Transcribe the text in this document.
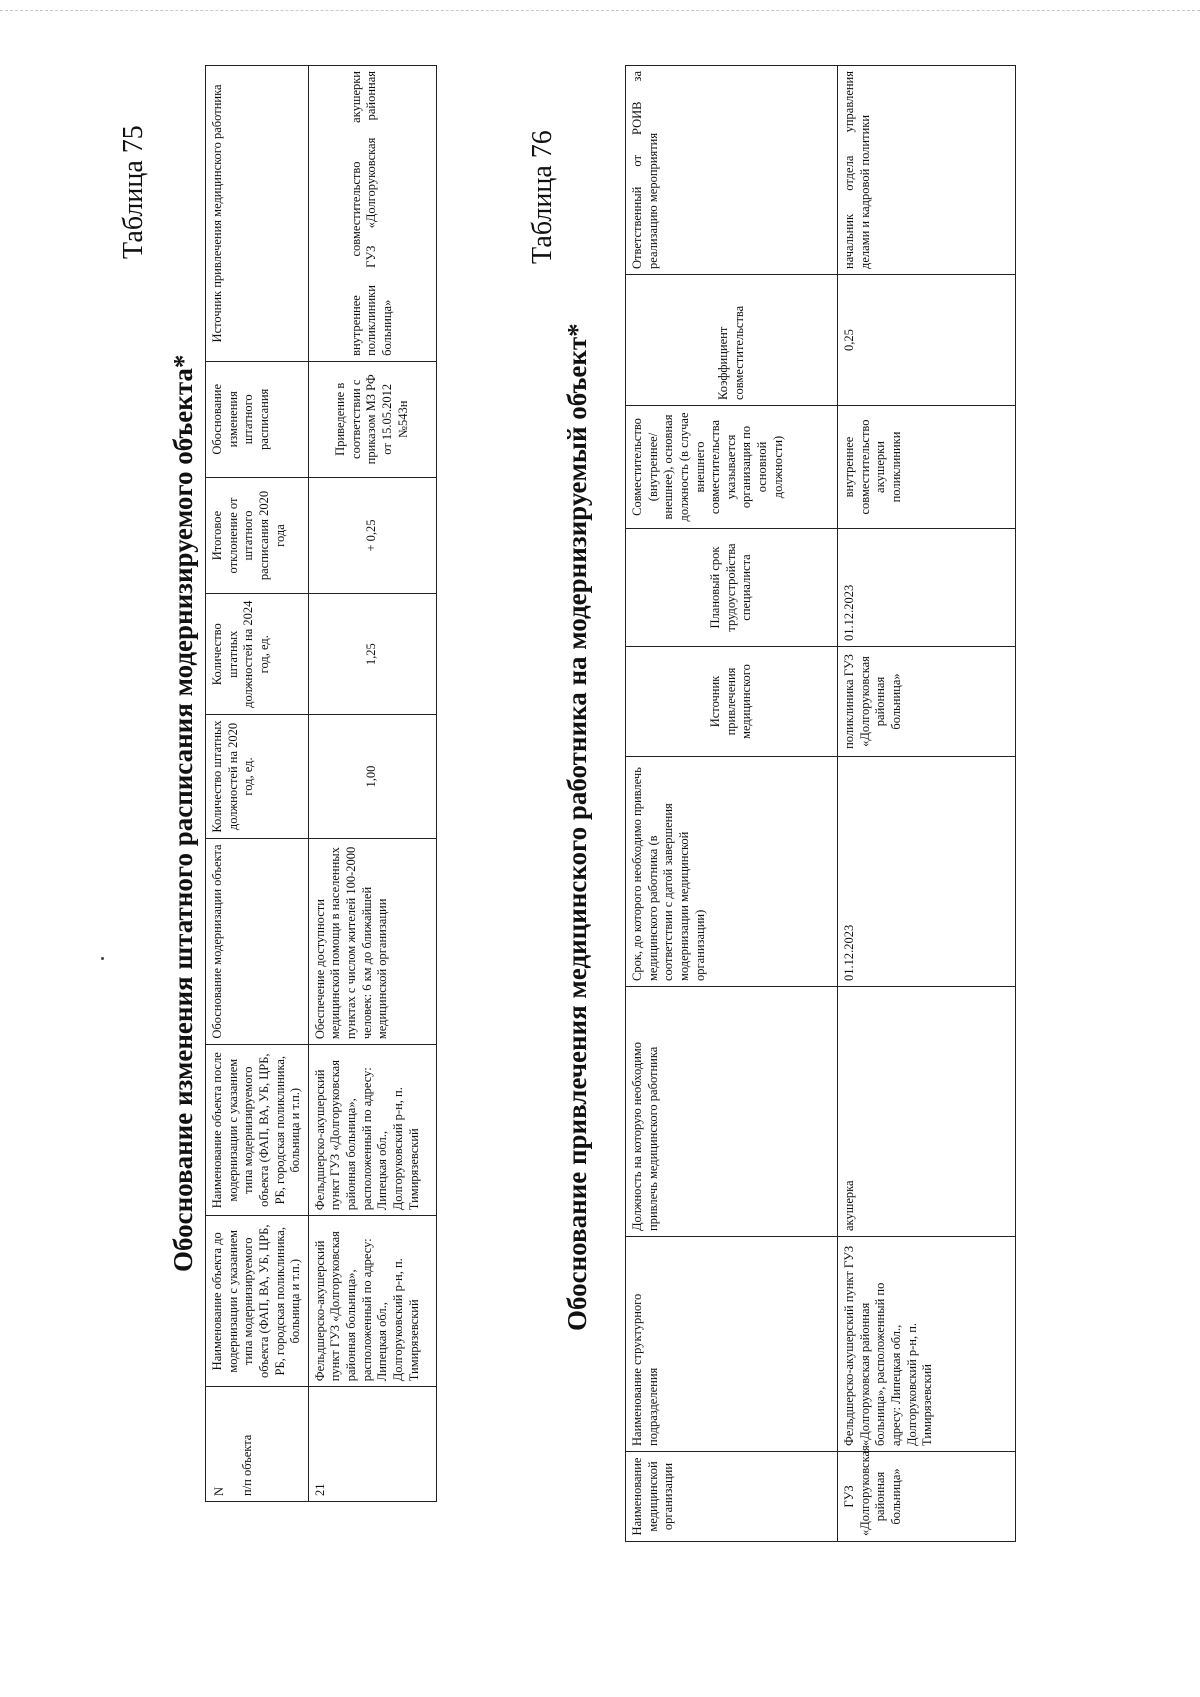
Таблица 75
Обоснование изменения штатного расписания модернизируемого объекта*
N п/п объекта	Наименование объекта до модернизации с указанием типа модернизируемого объекта (ФАП, ВА, УБ, ЦРБ, РБ, городская поликлиника, больница и т.п.)	Наименование объекта после модернизации с указанием типа модернизируемого объекта (ФАП, ВА, УБ, ЦРБ, РБ, городская поликлиника, больница и т.п.)	Обоснование модернизации объекта	Количество штатных должностей на 2020 год, ед.	Количество штатных должностей на 2024 год, ед.	Итоговое отклонение от штатного расписания 2020 года	Обоснование изменения штатного расписания	Источник привлечения медицинского работника
21	Фельдшерско-акушерский пункт ГУЗ «Долгоруковская районная больница», расположенный по адресу: Липецкая обл., Долгоруковский р-н, п. Тимирязевский	Фельдшерско-акушерский пункт ГУЗ «Долгоруковская районная больница», расположенный по адресу: Липецкая обл., Долгоруковский р-н, п. Тимирязевский	Обеспечение доступности медицинской помощи в населенных пунктах с числом жителей 100-2000 человек: 6 км до ближайшей медицинской организации	1,00	1,25	+ 0,25	Приведение в соответствии с приказом МЗ РФ от 15.05.2012 №543н	внутреннее совместительство акушерки поликлиники ГУЗ «Долгоруковская районная больница»
Таблица 76
Обоснование привлечения медицинского работника на модернизируемый объект*
Наименование медицинской организации	Наименование структурного подразделения	Должность на которую необходимо привлечь медицинского работника	Срок, до которого необходимо привлечь медицинского работника (в соответствии с датой завершения модернизации медицинской организации)	Источник привлечения медицинского	Плановый срок трудоустройства специалиста	Совместительство (внутреннее/внешнее), основная должность (в случае внешнего совместительства указывается организация по основной должности)	Коэффициент совместительства	Ответственный от РОИВ за реализацию мероприятия
ГУЗ «Долгоруковская районная больница»	Фельдшерско-акушерский пункт ГУЗ «Долгоруковская районная больница», расположенный по адресу: Липецкая обл., Долгоруковский р-н, п. Тимирязевский	акушерка	01.12.2023	поликлиника ГУЗ «Долгоруковская районная больница»	01.12.2023	внутреннее совместительство акушерки поликлиники	0,25	начальник отдела управления делами и кадровой политики
